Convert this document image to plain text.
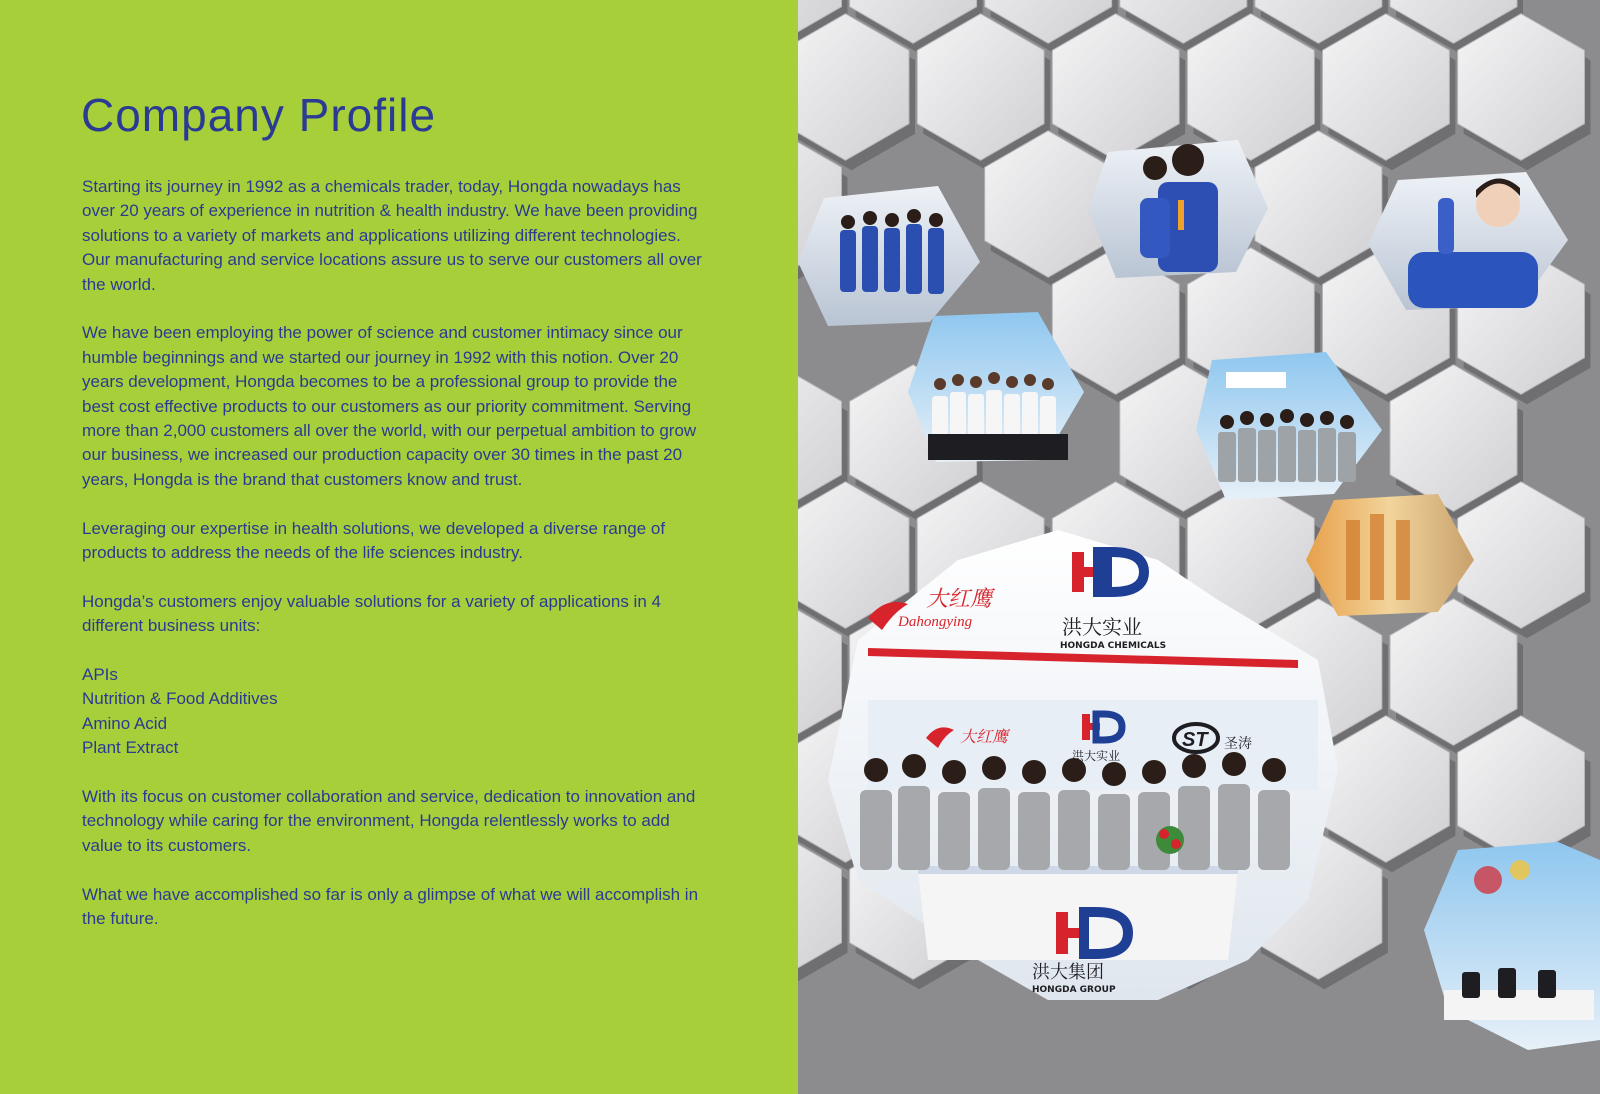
Company Profile

Starting its journey in 1992 as a chemicals trader, today, Hongda nowadays has over 20 years of experience in nutrition & health industry. We have been providing solutions to a variety of markets and applications utilizing different technologies. Our manufacturing and service locations assure us to serve our customers all over the world.

We have been employing the power of science and customer intimacy since our humble beginnings and we started our journey in 1992 with this notion. Over 20 years development, Hongda becomes to be a professional group to provide the best cost effective products to our customers as our priority commitment. Serving more than 2,000 customers all over the world, with our perpetual ambition to grow our business, we increased our production capacity over 30 times in the past 20 years, Hongda is the brand that customers know and trust.

Leveraging our expertise in health solutions, we developed a diverse range of products to address the needs of the life sciences industry.

Hongda’s customers enjoy valuable solutions for a variety of applications in 4 different business units:

APIs
Nutrition & Food Additives
Amino Acid
Plant Extract

With its focus on customer collaboration and service, dedication to innovation and technology while caring for the environment, Hongda relentlessly works to add value to its customers.

What we have accomplished so far is only a glimpse of what we will accomplish in the future.

洪大实业
HONGDA CHEMICALS
大红鹰
Dahongying
大红鹰
洪大实业
ST 圣涛
洪大集团
HONGDA GROUP
